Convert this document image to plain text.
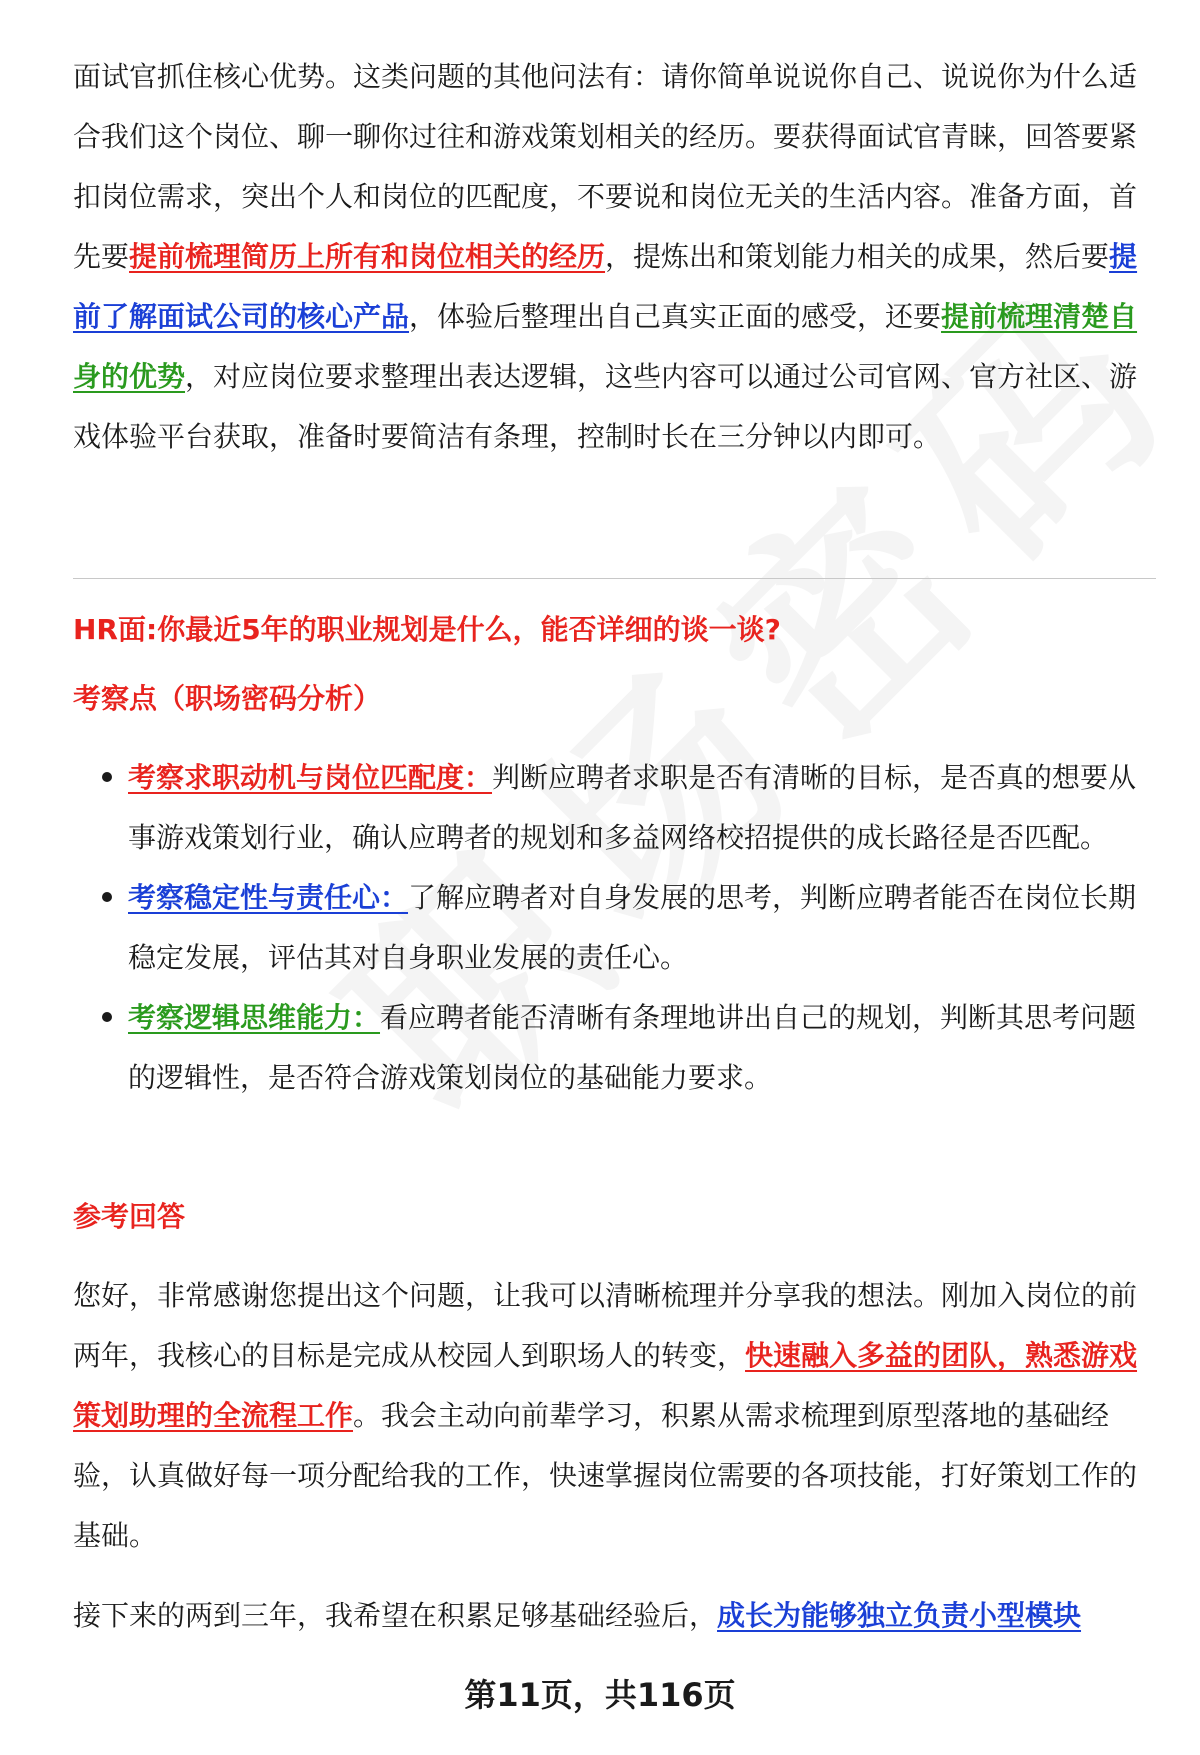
面试官抓住核心优势。这类问题的其他问法有：请你简单说说你自己、说说你为什么适合我们这个岗位、聊一聊你过往和游戏策划相关的经历。要获得面试官青睐，回答要紧扣岗位需求，突出个人和岗位的匹配度，不要说和岗位无关的生活内容。准备方面，首先要提前梳理简历上所有和岗位相关的经历，提炼出和策划能力相关的成果，然后要提前了解面试公司的核心产品，体验后整理出自己真实正面的感受，还要提前梳理清楚自身的优势，对应岗位要求整理出表达逻辑，这些内容可以通过公司官网、官方社区、游戏体验平台获取，准备时要简洁有条理，控制时长在三分钟以内即可。

HR面:你最近5年的职业规划是什么，能否详细的谈一谈?
考察点（职场密码分析）
考察求职动机与岗位匹配度：判断应聘者求职是否有清晰的目标，是否真的想要从事游戏策划行业，确认应聘者的规划和多益网络校招提供的成长路径是否匹配。
考察稳定性与责任心：了解应聘者对自身发展的思考，判断应聘者能否在岗位长期稳定发展，评估其对自身职业发展的责任心。
考察逻辑思维能力：看应聘者能否清晰有条理地讲出自己的规划，判断其思考问题的逻辑性，是否符合游戏策划岗位的基础能力要求。
参考回答

您好，非常感谢您提出这个问题，让我可以清晰梳理并分享我的想法。刚加入岗位的前两年，我核心的目标是完成从校园人到职场人的转变，快速融入多益的团队，熟悉游戏策划助理的全流程工作。我会主动向前辈学习，积累从需求梳理到原型落地的基础经验，认真做好每一项分配给我的工作，快速掌握岗位需要的各项技能，打好策划工作的基础。

接下来的两到三年，我希望在积累足够基础经验后，成长为能够独立负责小型模块

第11页，共116页
